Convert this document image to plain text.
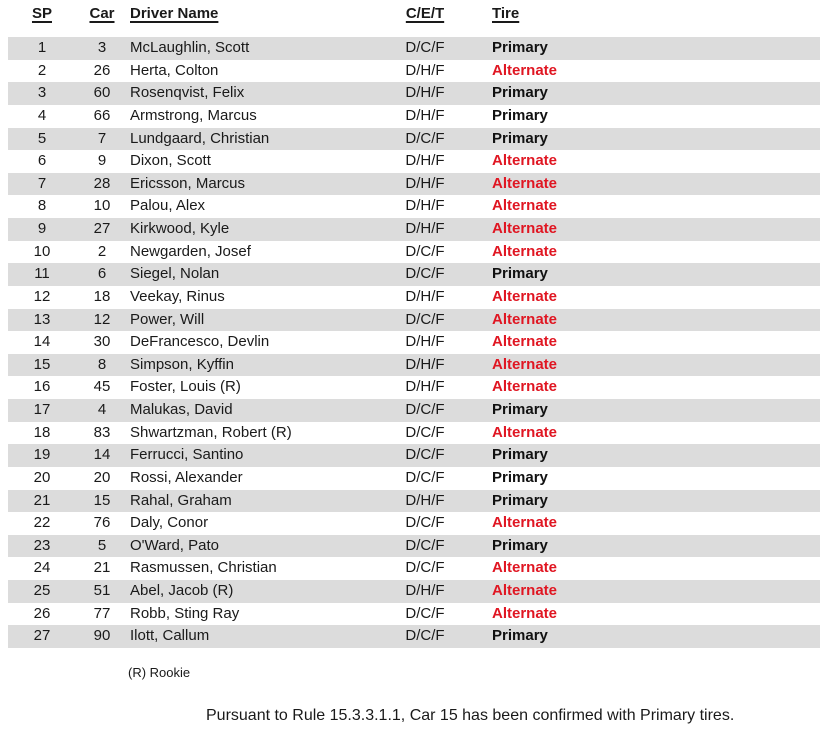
SP	Car	Driver Name	C/E/T	Tire
1	3	McLaughlin, Scott	D/C/F	Primary
2	26	Herta, Colton	D/H/F	Alternate
3	60	Rosenqvist, Felix	D/H/F	Primary
4	66	Armstrong, Marcus	D/H/F	Primary
5	7	Lundgaard, Christian	D/C/F	Primary
6	9	Dixon, Scott	D/H/F	Alternate
7	28	Ericsson, Marcus	D/H/F	Alternate
8	10	Palou, Alex	D/H/F	Alternate
9	27	Kirkwood, Kyle	D/H/F	Alternate
10	2	Newgarden, Josef	D/C/F	Alternate
11	6	Siegel, Nolan	D/C/F	Primary
12	18	Veekay, Rinus	D/H/F	Alternate
13	12	Power, Will	D/C/F	Alternate
14	30	DeFrancesco, Devlin	D/H/F	Alternate
15	8	Simpson, Kyffin	D/H/F	Alternate
16	45	Foster, Louis (R)	D/H/F	Alternate
17	4	Malukas, David	D/C/F	Primary
18	83	Shwartzman, Robert (R)	D/C/F	Alternate
19	14	Ferrucci, Santino	D/C/F	Primary
20	20	Rossi, Alexander	D/C/F	Primary
21	15	Rahal, Graham	D/H/F	Primary
22	76	Daly, Conor	D/C/F	Alternate
23	5	O'Ward, Pato	D/C/F	Primary
24	21	Rasmussen, Christian	D/C/F	Alternate
25	51	Abel, Jacob (R)	D/H/F	Alternate
26	77	Robb, Sting Ray	D/C/F	Alternate
27	90	Ilott, Callum	D/C/F	Primary
(R) Rookie
Pursuant to Rule 15.3.3.1.1, Car 15 has been confirmed with Primary tires.
